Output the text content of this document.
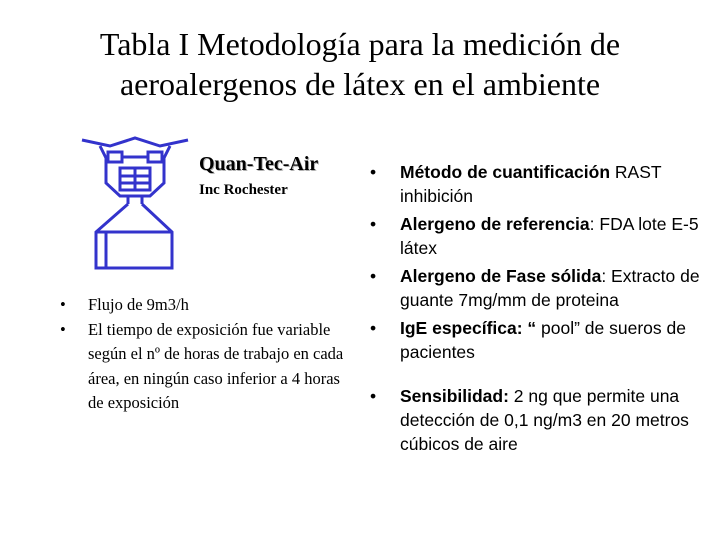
Tabla I Metodología para la medición de
aeroalergenos de látex en el ambiente
Quan-Tec-Air
Inc Rochester
• Flujo de 9m3/h
• El tiempo de exposición fue variable según el nº de horas de trabajo en cada área, en ningún caso inferior a 4 horas de exposición
• Método de cuantificación RAST inhibición
• Alergeno de referencia: FDA lote E-5 látex
• Alergeno de Fase sólida: Extracto de guante 7mg/mm de proteina
• IgE específica: “ pool” de sueros de pacientes
• Sensibilidad: 2 ng que permite una detección de 0,1 ng/m3 en 20 metros cúbicos de aire
